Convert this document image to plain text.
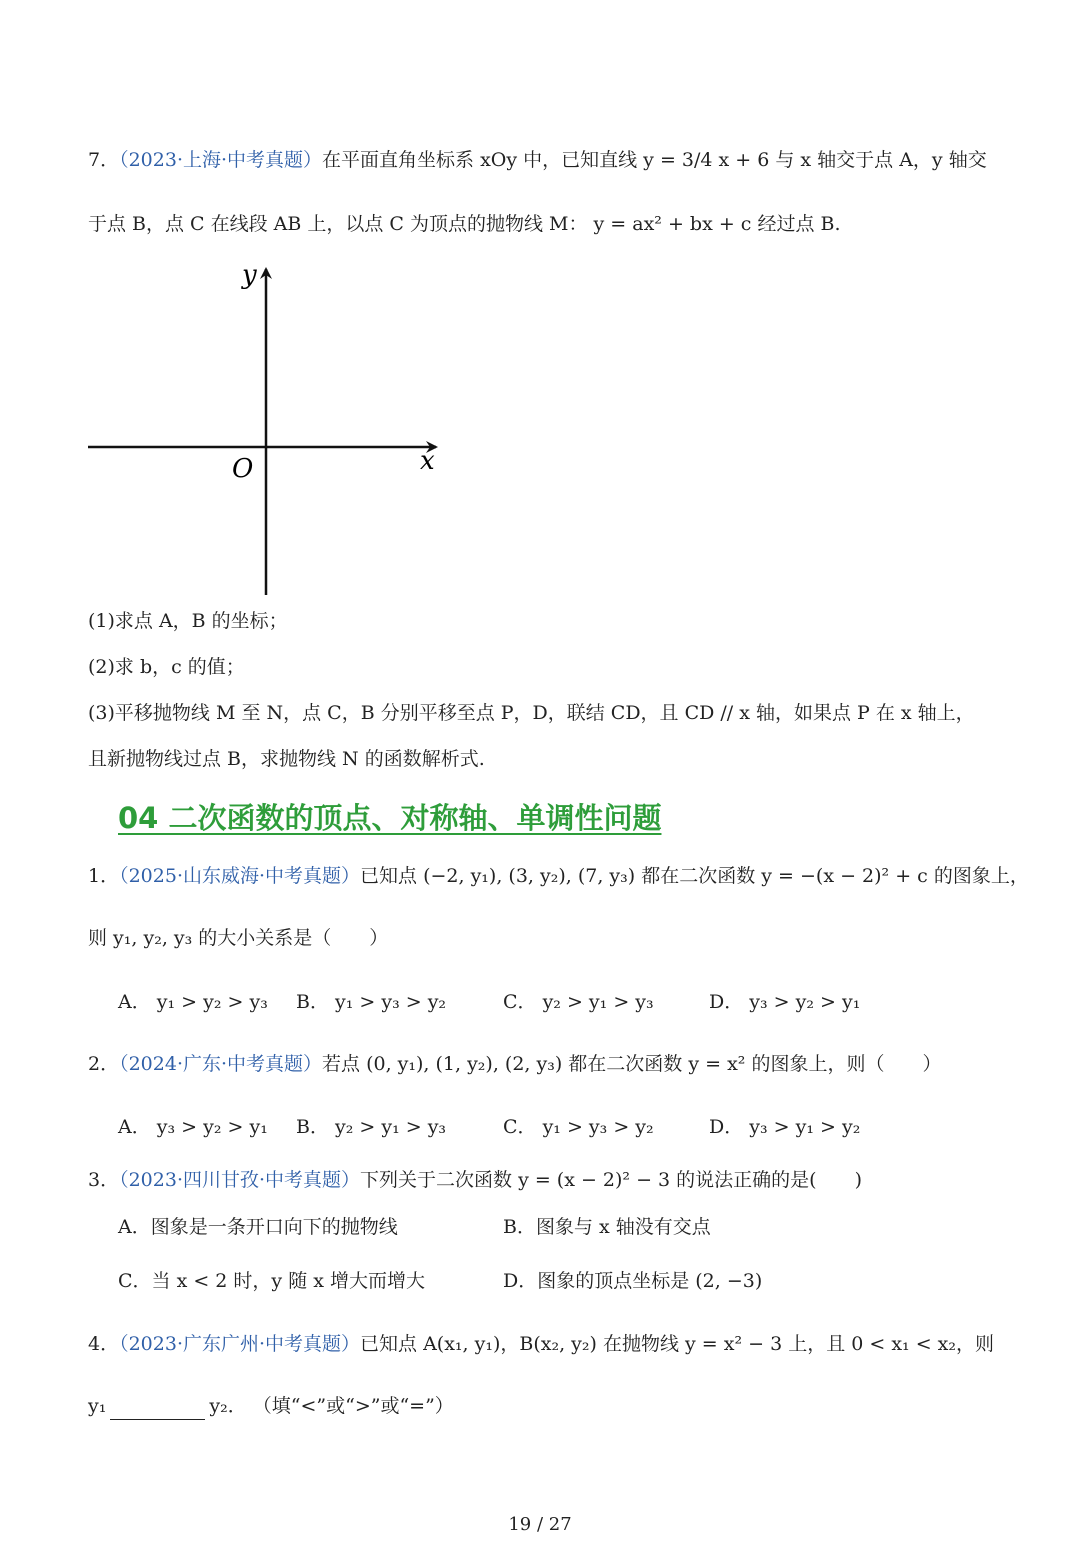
7．（2023·上海·中考真题）在平面直角坐标系 xOy 中，已知直线 y = 3/4 x + 6 与 x 轴交于点 A，y 轴交
于点 B，点 C 在线段 AB 上，以点 C 为顶点的抛物线 M： y = ax² + bx + c 经过点 B.
y
x
O
(1)求点 A，B 的坐标；
(2)求 b，c 的值；
(3)平移抛物线 M 至 N，点 C，B 分别平移至点 P，D，联结 CD，且 CD // x 轴，如果点 P 在 x 轴上，
且新抛物线过点 B，求抛物线 N 的函数解析式.
04 二次函数的顶点、对称轴、单调性问题
1．（2025·山东威海·中考真题）已知点 (−2, y₁), (3, y₂), (7, y₃) 都在二次函数 y = −(x − 2)² + c 的图象上，
则 y₁, y₂, y₃ 的大小关系是（　　）
A． y₁ > y₂ > y₃ B． y₁ > y₃ > y₂	C． y₂ > y₁ > y₃	D． y₃ > y₂ > y₁
2．（2024·广东·中考真题）若点 (0, y₁), (1, y₂), (2, y₃) 都在二次函数 y = x² 的图象上，则（　　）
A． y₃ > y₂ > y₁ B． y₂ > y₁ > y₃	C． y₁ > y₃ > y₂	D． y₃ > y₁ > y₂
3．（2023·四川甘孜·中考真题）下列关于二次函数 y = (x − 2)² − 3 的说法正确的是(　　)
A．图象是一条开口向下的抛物线	B．图象与 x 轴没有交点
C．当 x < 2 时，y 随 x 增大而增大	D．图象的顶点坐标是 (2, −3)
4．（2023·广东广州·中考真题）已知点 A(x₁, y₁)，B(x₂, y₂) 在抛物线 y = x² − 3 上，且 0 < x₁ < x₂，则
y₁	y₂． （填“<”或“>”或“=”）
19 / 27
